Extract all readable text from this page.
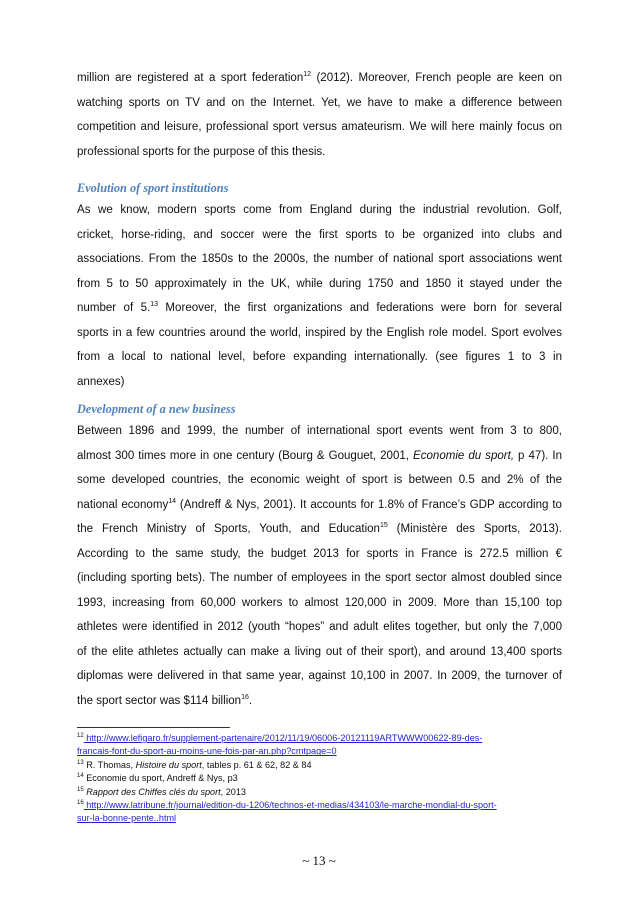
million are registered at a sport federation$^{12}$ (2012). Moreover, French people are keen on
watching sports on TV and on the Internet. Yet, we have to make a difference between
competition and leisure, professional sport versus amateurism. We will here mainly focus on
professional sports for the purpose of this thesis.
Evolution of sport institutions
As we know, modern sports come from England during the industrial revolution. Golf,
cricket, horse-riding, and soccer were the first sports to be organized into clubs and
associations. From the 1850s to the 2000s, the number of national sport associations went
from 5 to 50 approximately in the UK, while during 1750 and 1850 it stayed under the
number of 5.13 Moreover, the first organizations and federations were born for several
sports in a few countries around the world, inspired by the English role model. Sport evolves
from a local to national level, before expanding internationally. (see figures 1 to 3 in
annexes)
Development of a new business
Between 1896 and 1999, the number of international sport events went from 3 to 800,
almost 300 times more in one century (Bourg & Gouguet, 2001, Economie du sport, p 47). In
some developed countries, the economic weight of sport is between 0.5 and 2% of the
national economy$^{14}$ (Andreff & Nys, 2001). It accounts for 1.8% of France’s GDP according to
the French Ministry of Sports, Youth, and Education$^{15}$ (Ministère des Sports, 2013).
According to the same study, the budget 2013 for sports in France is 272.5 million €
(including sporting bets). The number of employees in the sport sector almost doubled since
1993, increasing from 60,000 workers to almost 120,000 in 2009. More than 15,100 top
athletes were identified in 2012 (youth “hopes” and adult elites together, but only the 7,000
of the elite athletes actually can make a living out of their sport), and around 13,400 sports
diplomas were delivered in that same year, against 10,100 in 2007. In 2009, the turnover of
the sport sector was $114 billion$^{16}$.
$^{12}$ http://www.lefigaro.fr/supplement-partenaire/2012/11/19/06006-20121119ARTWWW00622-89-des-
francais-font-du-sport-au-moins-une-fois-par-an.php?cmtpage=0
$^{13}$ R. Thomas, Histoire du sport, tables p. 61 & 62, 82 & 84
$^{14}$ Economie du sport, Andreff & Nys, p3
$^{15}$ Rapport des Chiffes clés du sport, 2013
$^{16}$ http://www.latribune.fr/journal/edition-du-1206/technos-et-medias/434103/le-marche-mondial-du-sport-
sur-la-bonne-pente..html
~ 13 ~
